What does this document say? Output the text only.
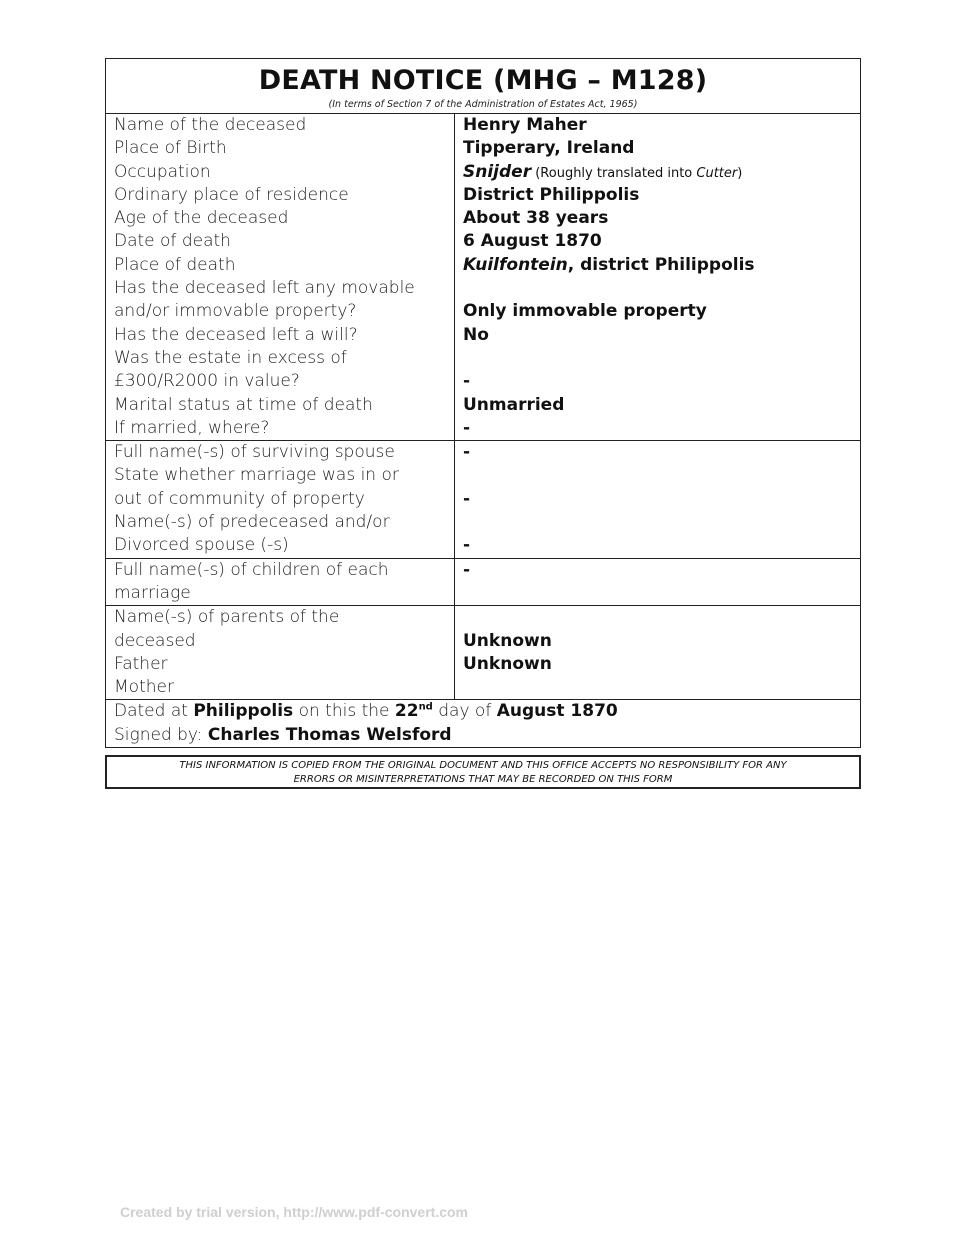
DEATH NOTICE (MHG – M128)
(In terms of Section 7 of the Administration of Estates Act, 1965)
Name of the deceased
Place of Birth
Occupation
Ordinary place of residence
Age of the deceased
Date of death
Place of death
Has the deceased left any movable
and/or immovable property?
Has the deceased left a will?
Was the estate in excess of
£300/R2000 in value?
Marital status at time of death
If married, where?
Henry Maher
Tipperary, Ireland
Snijder (Roughly translated into Cutter)
District Philippolis
About 38 years
6 August 1870
Kuilfontein, district Philippolis
Only immovable property
No
-
Unmarried
-
Full name(-s) of surviving spouse
State whether marriage was in or
out of community of property
Name(-s) of predeceased and/or
Divorced spouse (-s)
-
-
-
Full name(-s) of children of each
marriage
-
Name(-s) of parents of the
deceased
Father
Mother
Unknown
Unknown
Dated at Philippolis on this the 22nd day of August 1870
Signed by: Charles Thomas Welsford
THIS INFORMATION IS COPIED FROM THE ORIGINAL DOCUMENT AND THIS OFFICE ACCEPTS NO RESPONSIBILITY FOR ANY
ERRORS OR MISINTERPRETATIONS THAT MAY BE RECORDED ON THIS FORM
Created by trial version, http://www.pdf-convert.com
